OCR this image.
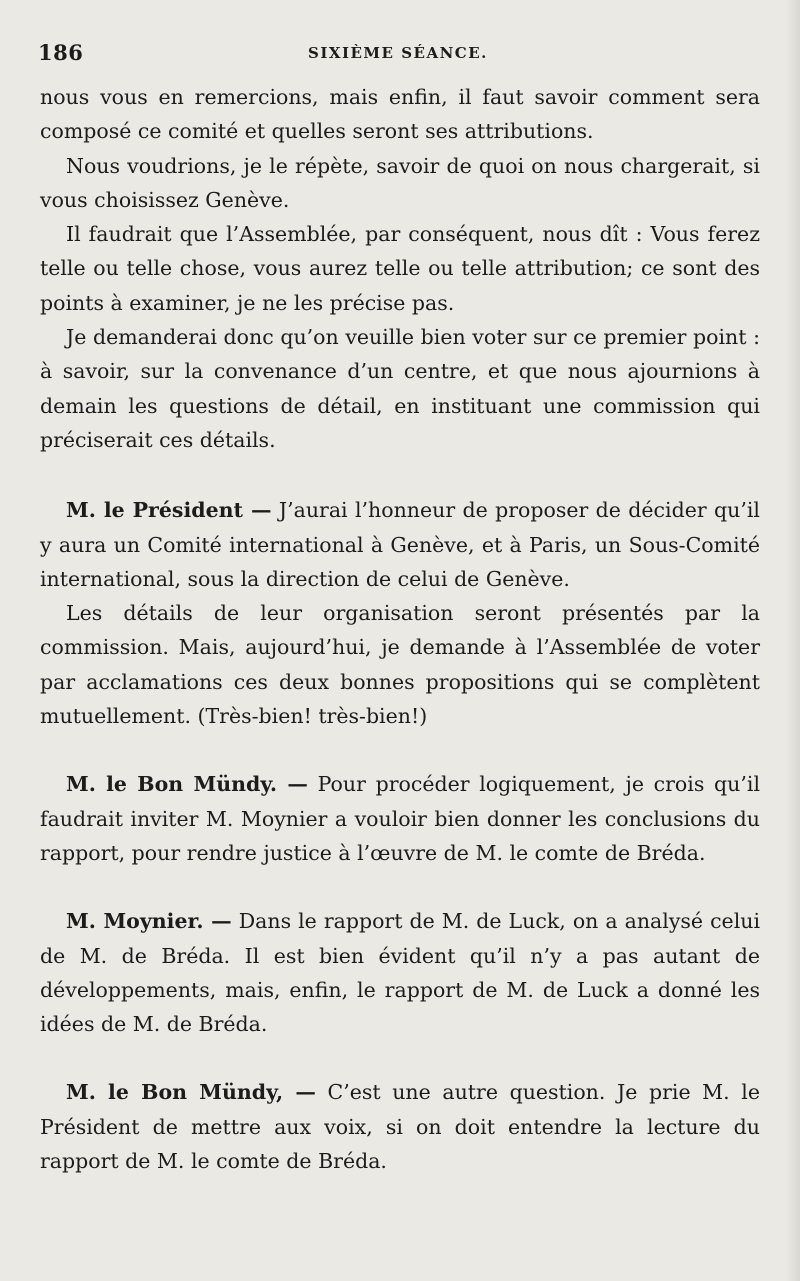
186	SIXIÈME SÉANCE.

nous vous en remercions, mais enfin, il faut savoir comment sera composé ce comité et quelles seront ses attributions.

Nous voudrions, je le répète, savoir de quoi on nous chargerait, si vous choisissez Genève.

Il faudrait que l’Assemblée, par conséquent, nous dît : Vous ferez telle ou telle chose, vous aurez telle ou telle attribution; ce sont des points à examiner, je ne les précise pas.

Je demanderai donc qu’on veuille bien voter sur ce premier point : à savoir, sur la convenance d’un centre, et que nous ajournions à demain les questions de détail, en instituant une commission qui préciserait ces détails.

M. le Président — J’aurai l’honneur de proposer de décider qu’il y aura un Comité international à Genève, et à Paris, un Sous-Comité international, sous la direction de celui de Genève.

Les détails de leur organisation seront présentés par la commission. Mais, aujourd’hui, je demande à l’Assemblée de voter par acclamations ces deux bonnes propositions qui se complètent mutuellement. (Très-bien! très-bien!)

M. le Bon Mündy. — Pour procéder logiquement, je crois qu’il faudrait inviter M. Moynier a vouloir bien donner les conclusions du rapport, pour rendre justice à l’œuvre de M. le comte de Bréda.

M. Moynier. — Dans le rapport de M. de Luck, on a analysé celui de M. de Bréda. Il est bien évident qu’il n’y a pas autant de développements, mais, enfin, le rapport de M. de Luck a donné les idées de M. de Bréda.

M. le Bon Mündy, — C’est une autre question. Je prie M. le Président de mettre aux voix, si on doit entendre la lecture du rapport de M. le comte de Bréda.
